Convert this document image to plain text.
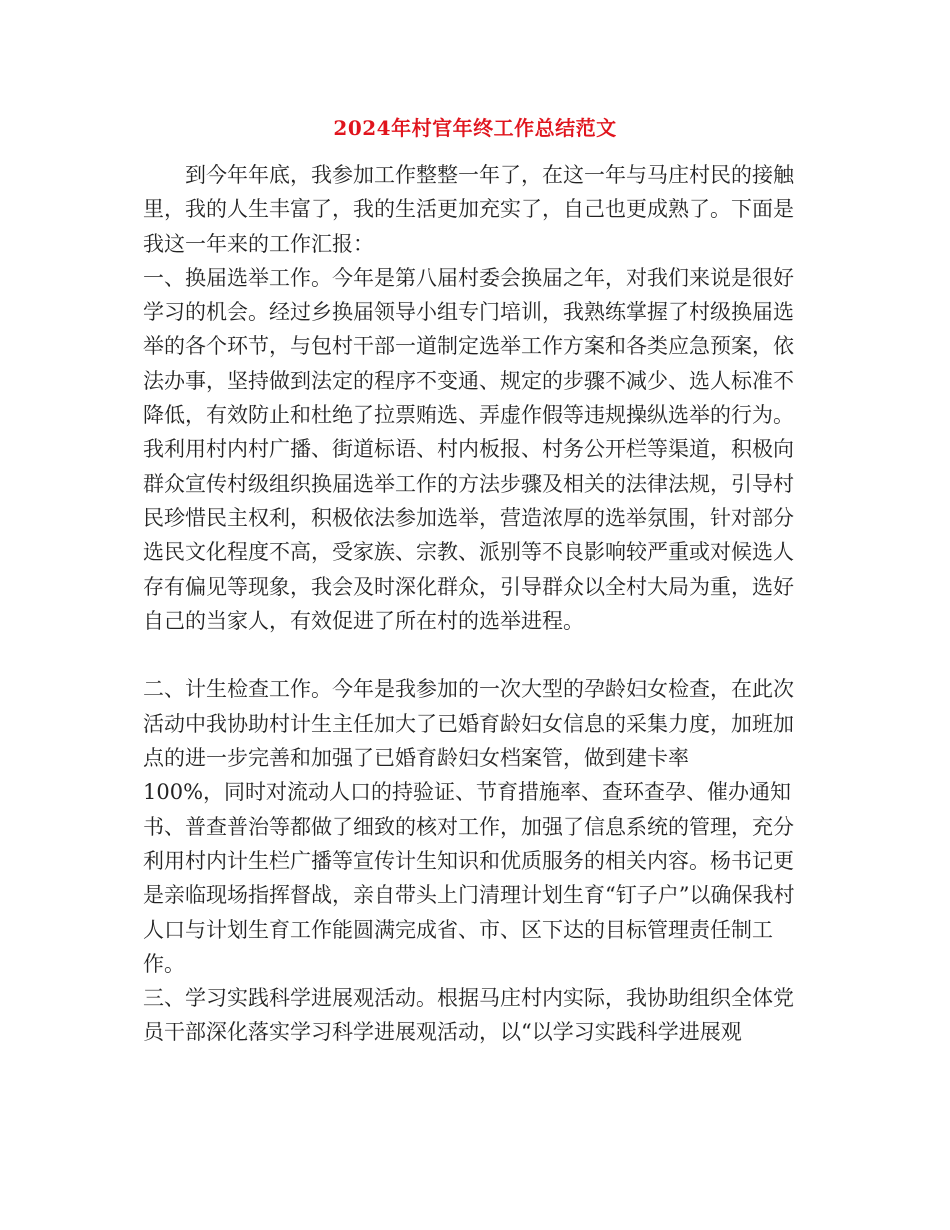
2024年村官年终工作总结范文

到今年年底，我参加工作整整一年了，在这一年与马庄村民的接触里，我的人生丰富了，我的生活更加充实了，自己也更成熟了。下面是我这一年来的工作汇报：

一、换届选举工作。今年是第八届村委会换届之年，对我们来说是很好学习的机会。经过乡换届领导小组专门培训，我熟练掌握了村级换届选举的各个环节，与包村干部一道制定选举工作方案和各类应急预案，依法办事，坚持做到法定的程序不变通、规定的步骤不减少、选人标准不降低，有效防止和杜绝了拉票贿选、弄虚作假等违规操纵选举的行为。我利用村内村广播、街道标语、村内板报、村务公开栏等渠道，积极向群众宣传村级组织换届选举工作的方法步骤及相关的法律法规，引导村民珍惜民主权利，积极依法参加选举，营造浓厚的选举氛围，针对部分选民文化程度不高，受家族、宗教、派别等不良影响较严重或对候选人存有偏见等现象，我会及时深化群众，引导群众以全村大局为重，选好自己的当家人，有效促进了所在村的选举进程。

二、计生检查工作。今年是我参加的一次大型的孕龄妇女检查，在此次活动中我协助村计生主任加大了已婚育龄妇女信息的采集力度，加班加点的进一步完善和加强了已婚育龄妇女档案管，做到建卡率

100%，同时对流动人口的持验证、节育措施率、查环查孕、催办通知书、普查普治等都做了细致的核对工作，加强了信息系统的管理，充分利用村内计生栏广播等宣传计生知识和优质服务的相关内容。杨书记更是亲临现场指挥督战，亲自带头上门清理计划生育“钉子户”以确保我村人口与计划生育工作能圆满完成省、市、区下达的目标管理责任制工作。

三、学习实践科学进展观活动。根据马庄村内实际，我协助组织全体党员干部深化落实学习科学进展观活动，以“以学习实践科学进展观
